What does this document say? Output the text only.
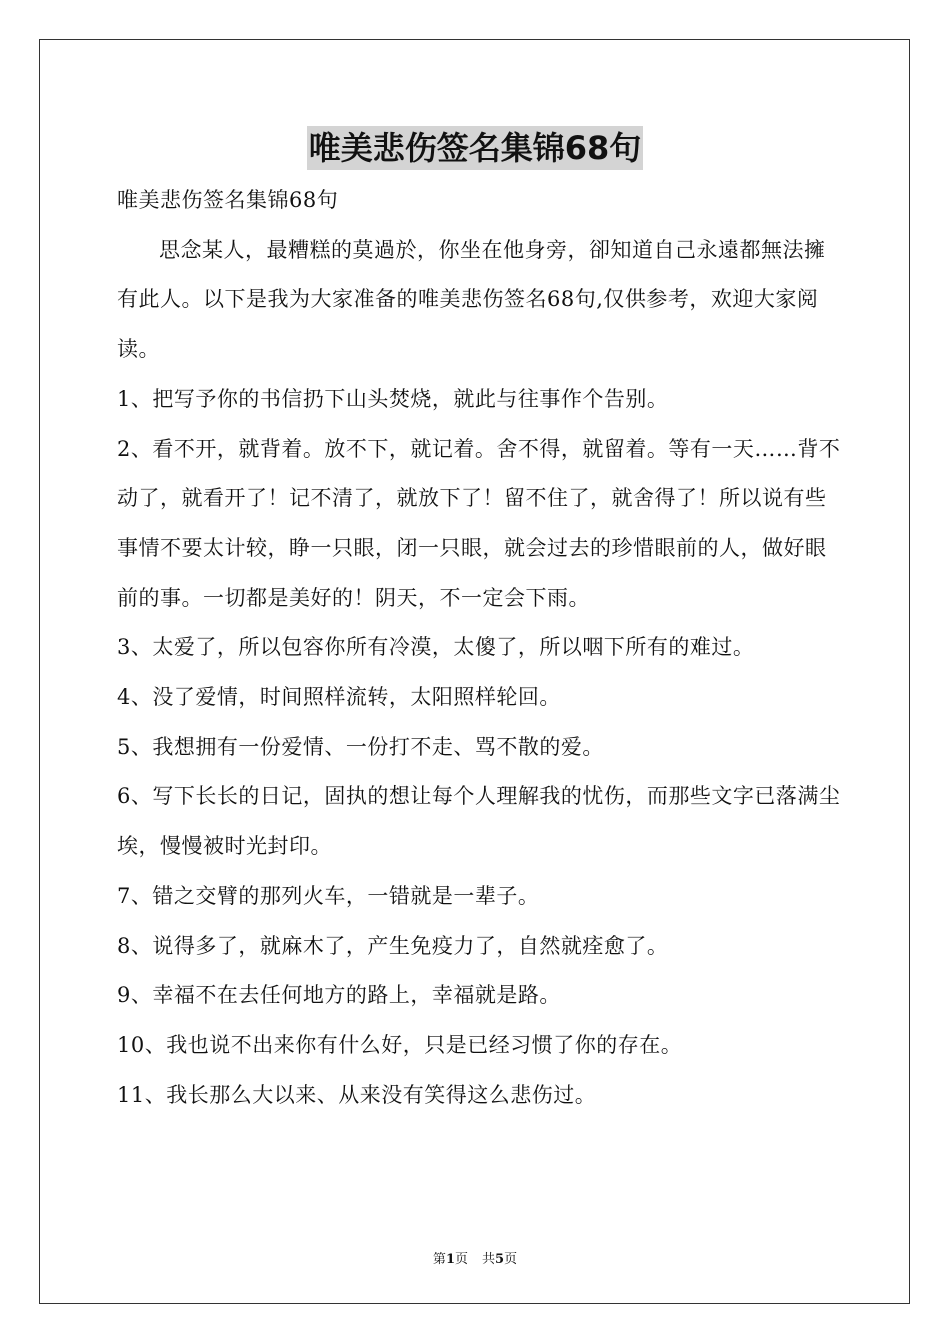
唯美悲伤签名集锦68句

唯美悲伤签名集锦68句

思念某人，最糟糕的莫過於，你坐在他身旁，卻知道自己永遠都無法擁有此人。以下是我为大家准备的唯美悲伤签名68句,仅供参考，欢迎大家阅读。

1、把写予你的书信扔下山头焚烧，就此与往事作个告别。

2、看不开，就背着。放不下，就记着。舍不得，就留着。等有一天……背不动了，就看开了！记不清了，就放下了！留不住了，就舍得了！所以说有些事情不要太计较，睁一只眼，闭一只眼，就会过去的珍惜眼前的人，做好眼前的事。一切都是美好的！阴天，不一定会下雨。

3、太爱了，所以包容你所有冷漠，太傻了，所以咽下所有的难过。

4、没了爱情，时间照样流转，太阳照样轮回。

5、我想拥有一份爱情、一份打不走、骂不散的爱。

6、写下长长的日记，固执的想让每个人理解我的忧伤，而那些文字已落满尘埃，慢慢被时光封印。

7、错之交臂的那列火车，一错就是一辈子。

8、说得多了，就麻木了，产生免疫力了，自然就痊愈了。

9、幸福不在去任何地方的路上，幸福就是路。

10、我也说不出来你有什么好，只是已经习惯了你的存在。

11、我长那么大以来、从来没有笑得这么悲伤过。

第1页 共5页
